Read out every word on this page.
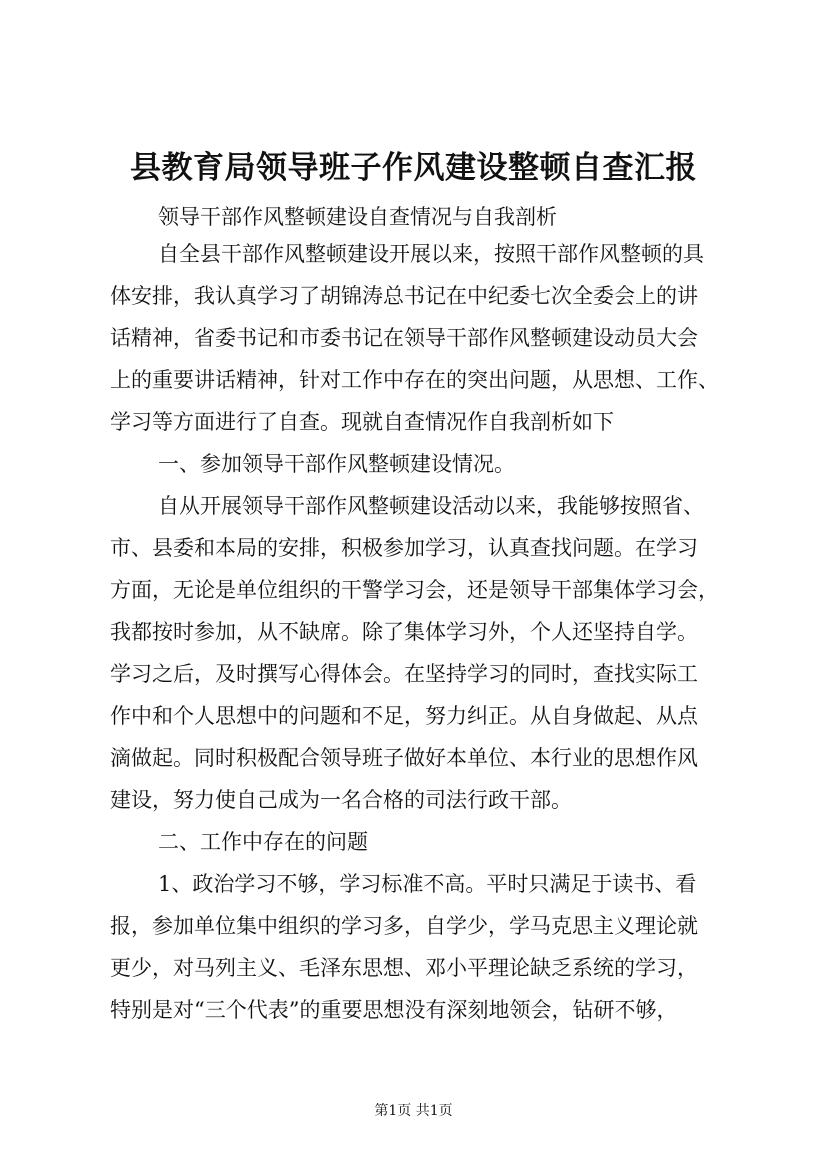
县教育局领导班子作风建设整顿自查汇报

领导干部作风整顿建设自查情况与自我剖析

自全县干部作风整顿建设开展以来，按照干部作风整顿的具

体安排，我认真学习了胡锦涛总书记在中纪委七次全委会上的讲

话精神，省委书记和市委书记在领导干部作风整顿建设动员大会

上的重要讲话精神，针对工作中存在的突出问题，从思想、工作、

学习等方面进行了自查。现就自查情况作自我剖析如下

一、参加领导干部作风整顿建设情况。

自从开展领导干部作风整顿建设活动以来，我能够按照省、

市、县委和本局的安排，积极参加学习，认真查找问题。在学习

方面，无论是单位组织的干警学习会，还是领导干部集体学习会，

我都按时参加，从不缺席。除了集体学习外，个人还坚持自学。

学习之后，及时撰写心得体会。在坚持学习的同时，查找实际工

作中和个人思想中的问题和不足，努力纠正。从自身做起、从点

滴做起。同时积极配合领导班子做好本单位、本行业的思想作风

建设，努力使自己成为一名合格的司法行政干部。

二、工作中存在的问题

1、政治学习不够，学习标准不高。平时只满足于读书、看

报，参加单位集中组织的学习多，自学少，学马克思主义理论就

更少，对马列主义、毛泽东思想、邓小平理论缺乏系统的学习，

特别是对“三个代表”的重要思想没有深刻地领会，钻研不够，

第1页 共1页
